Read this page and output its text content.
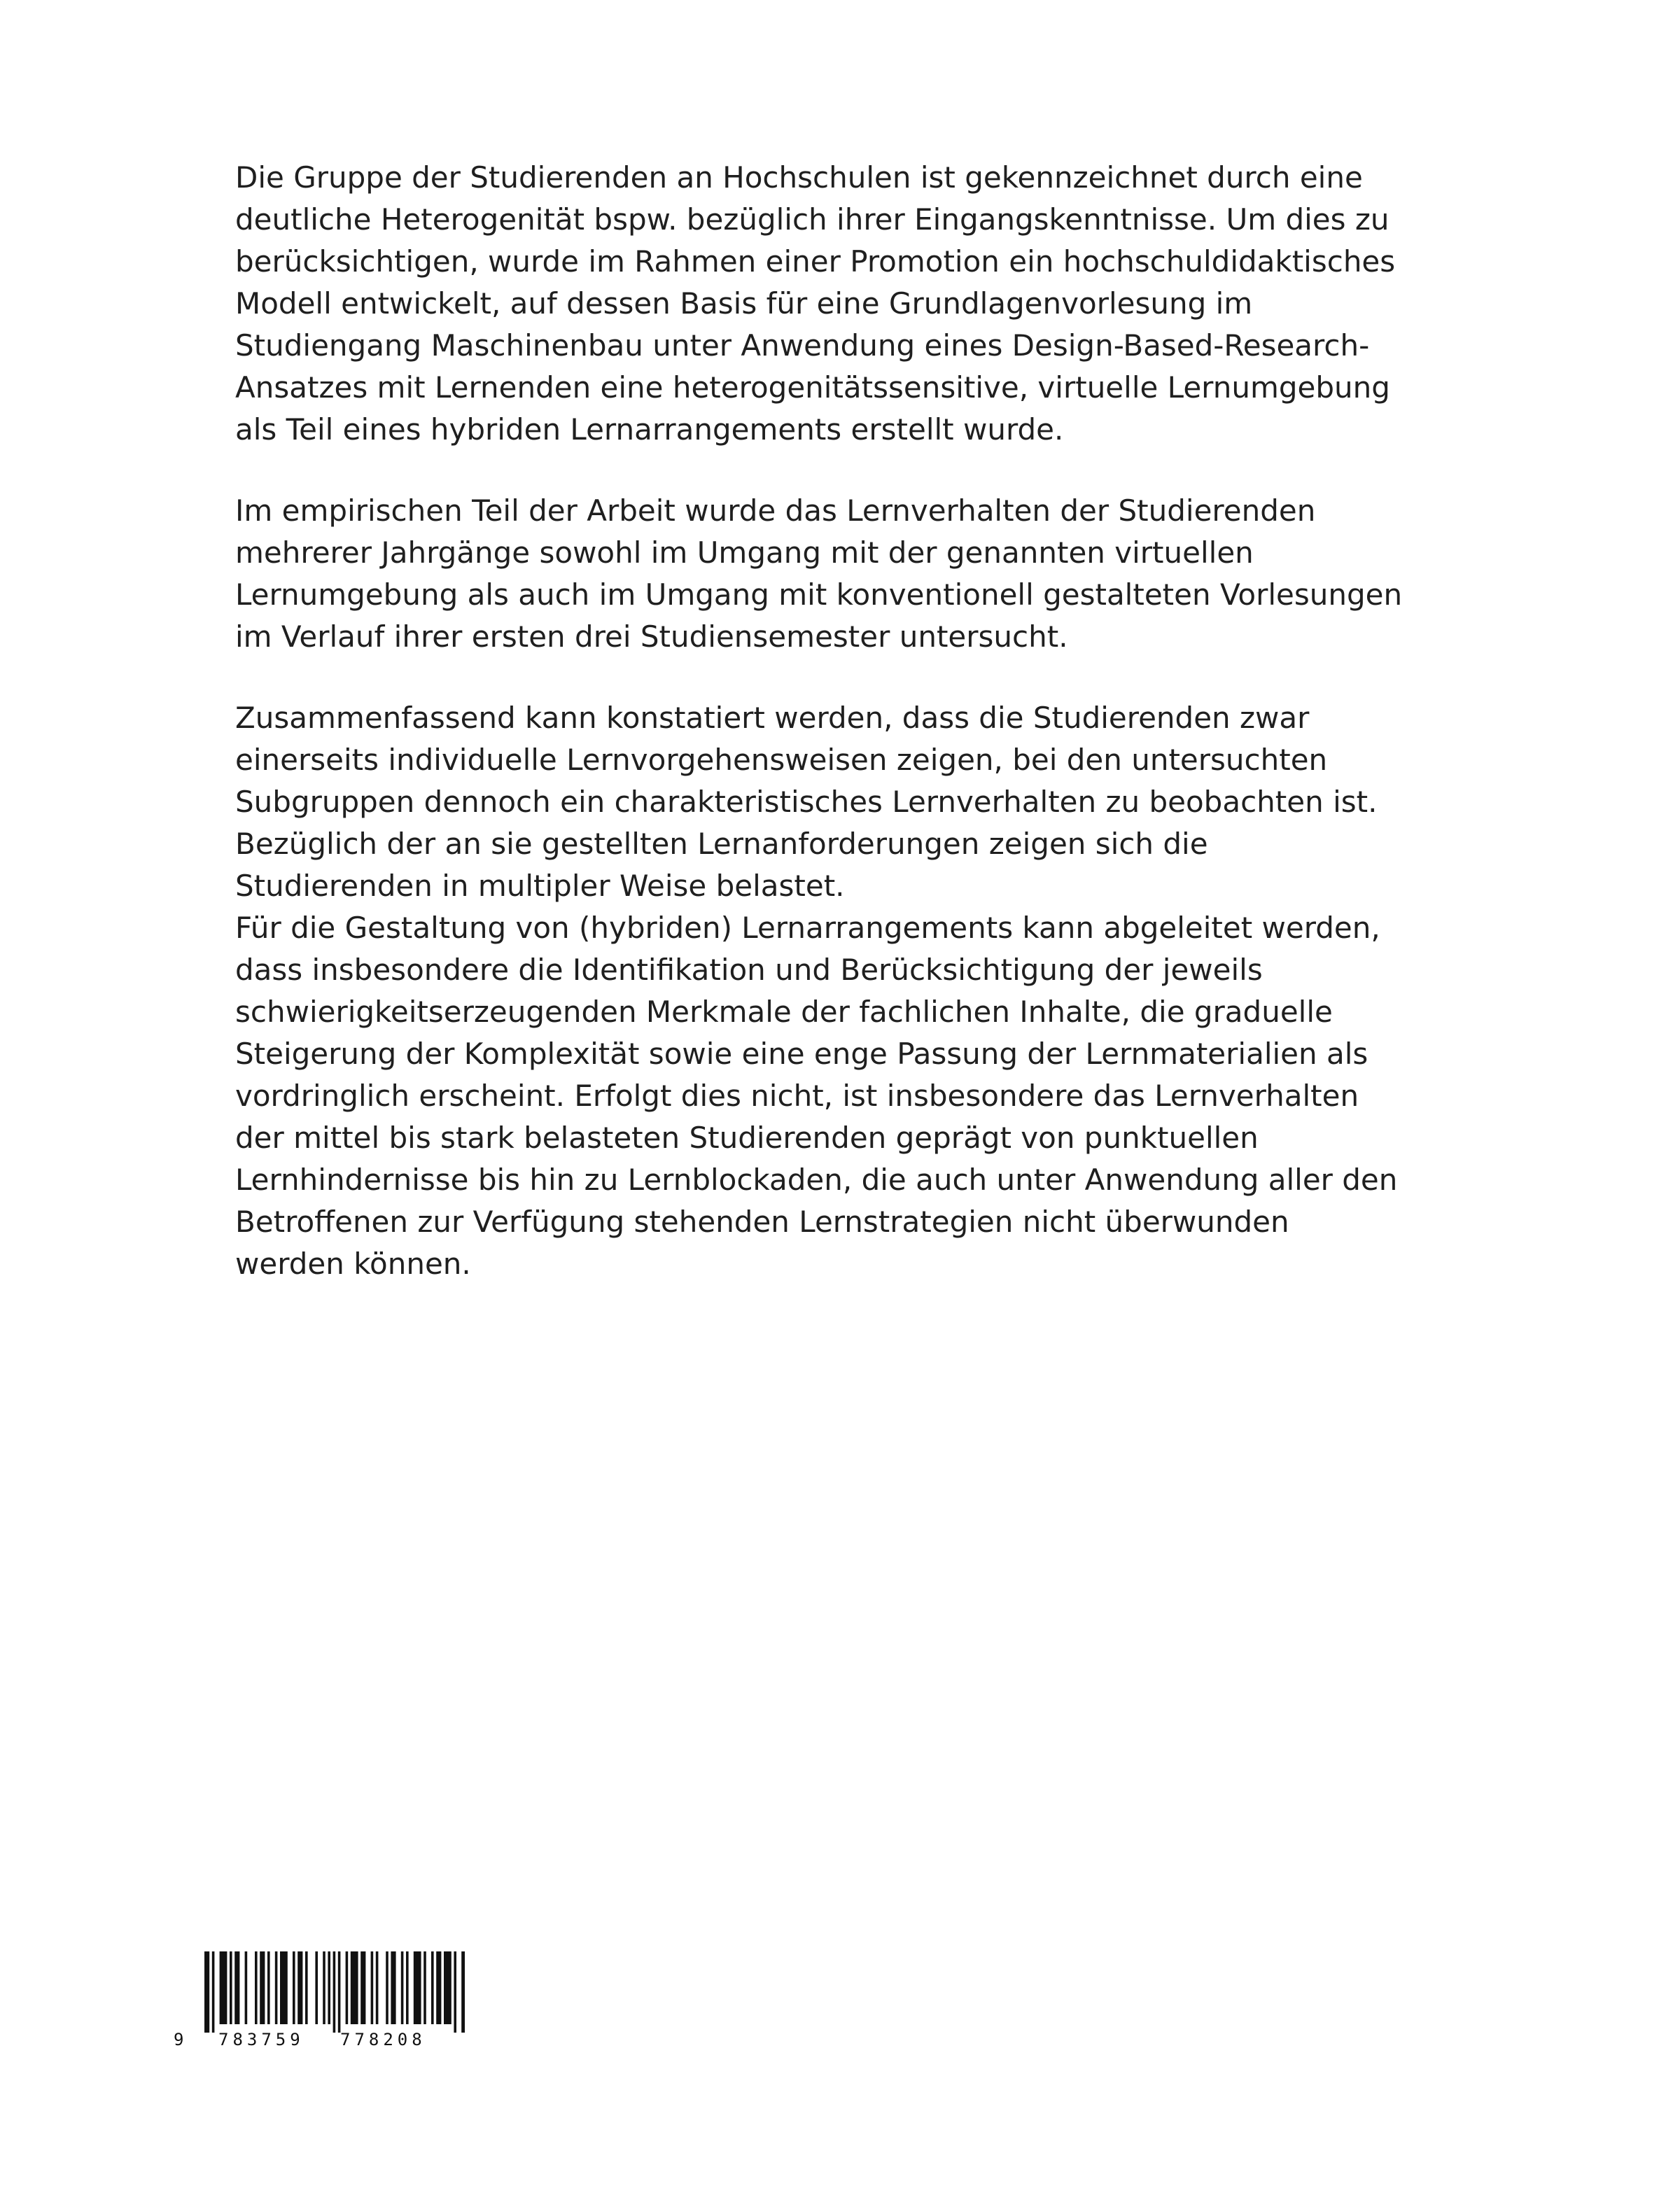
Die Gruppe der Studierenden an Hochschulen ist gekennzeichnet durch eine
deutliche Heterogenität bspw. bezüglich ihrer Eingangskenntnisse. Um dies zu
berücksichtigen, wurde im Rahmen einer Promotion ein hochschuldidaktisches
Modell entwickelt, auf dessen Basis für eine Grundlagenvorlesung im
Studiengang Maschinenbau unter Anwendung eines Design-Based-Research-
Ansatzes mit Lernenden eine heterogenitätssensitive, virtuelle Lernumgebung
als Teil eines hybriden Lernarrangements erstellt wurde.

Im empirischen Teil der Arbeit wurde das Lernverhalten der Studierenden
mehrerer Jahrgänge sowohl im Umgang mit der genannten virtuellen
Lernumgebung als auch im Umgang mit konventionell gestalteten Vorlesungen
im Verlauf ihrer ersten drei Studiensemester untersucht.

Zusammenfassend kann konstatiert werden, dass die Studierenden zwar
einerseits individuelle Lernvorgehensweisen zeigen, bei den untersuchten
Subgruppen dennoch ein charakteristisches Lernverhalten zu beobachten ist.
Bezüglich der an sie gestellten Lernanforderungen zeigen sich die
Studierenden in multipler Weise belastet.

Für die Gestaltung von (hybriden) Lernarrangements kann abgeleitet werden,
dass insbesondere die Identifikation und Berücksichtigung der jeweils
schwierigkeitserzeugenden Merkmale der fachlichen Inhalte, die graduelle
Steigerung der Komplexität sowie eine enge Passung der Lernmaterialien als
vordringlich erscheint. Erfolgt dies nicht, ist insbesondere das Lernverhalten
der mittel bis stark belasteten Studierenden geprägt von punktuellen
Lernhindernisse bis hin zu Lernblockaden, die auch unter Anwendung aller den
Betroffenen zur Verfügung stehenden Lernstrategien nicht überwunden
werden können.

9 783759 778208
